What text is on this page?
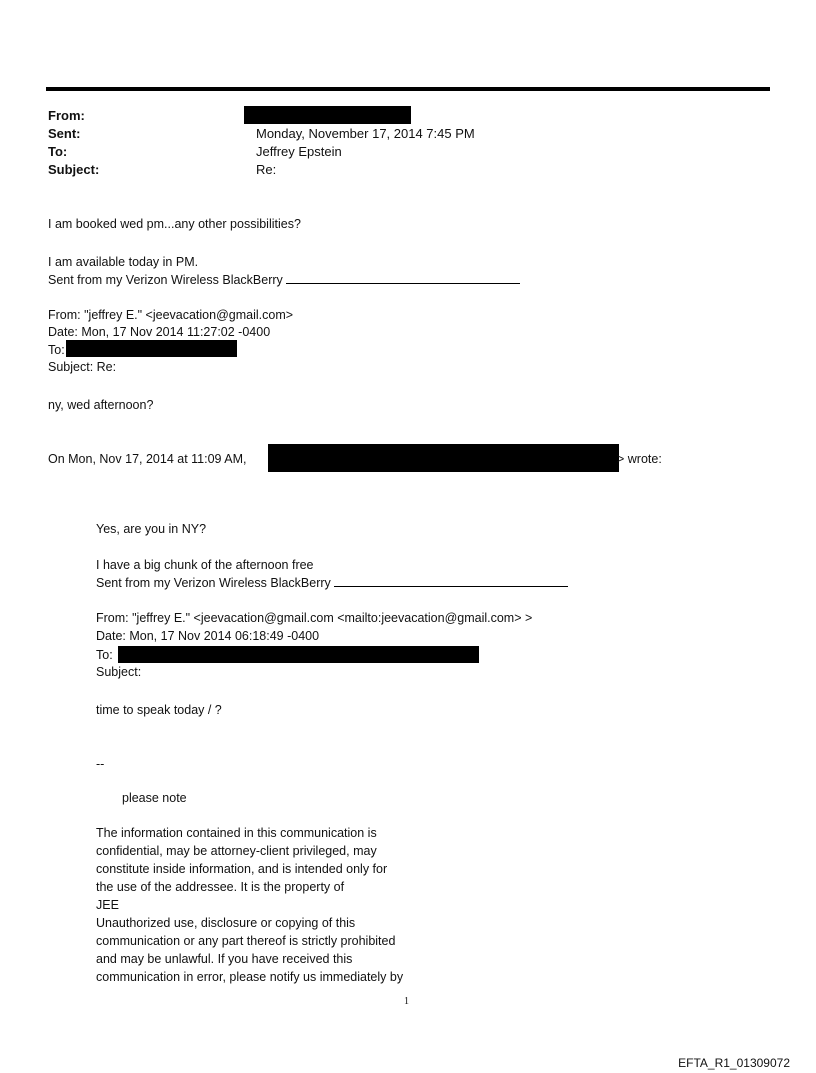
From:
Sent:	Monday, November 17, 2014 7:45 PM
To:	Jeffrey Epstein
Subject:	Re:
I am booked wed pm...any other possibilities?
I am available today in PM.
Sent from my Verizon Wireless BlackBerry
From: "jeffrey E." <jeevacation@gmail.com>
Date: Mon, 17 Nov 2014 11:27:02 -0400
To:
Subject: Re:
ny, wed afternoon?
On Mon, Nov 17, 2014 at 11:09 AM,	> wrote:
Yes, are you in NY?
I have a big chunk of the afternoon free
Sent from my Verizon Wireless BlackBerry
From: "jeffrey E." <jeevacation@gmail.com <mailto:jeevacation@gmail.com> >
Date: Mon, 17 Nov 2014 06:18:49 -0400
To:
Subject:
time to speak today / ?
--
please note
The information contained in this communication is
confidential, may be attorney-client privileged, may
constitute inside information, and is intended only for
the use of the addressee. It is the property of
JEE
Unauthorized use, disclosure or copying of this
communication or any part thereof is strictly prohibited
and may be unlawful. If you have received this
communication in error, please notify us immediately by
1
EFTA_R1_01309072
